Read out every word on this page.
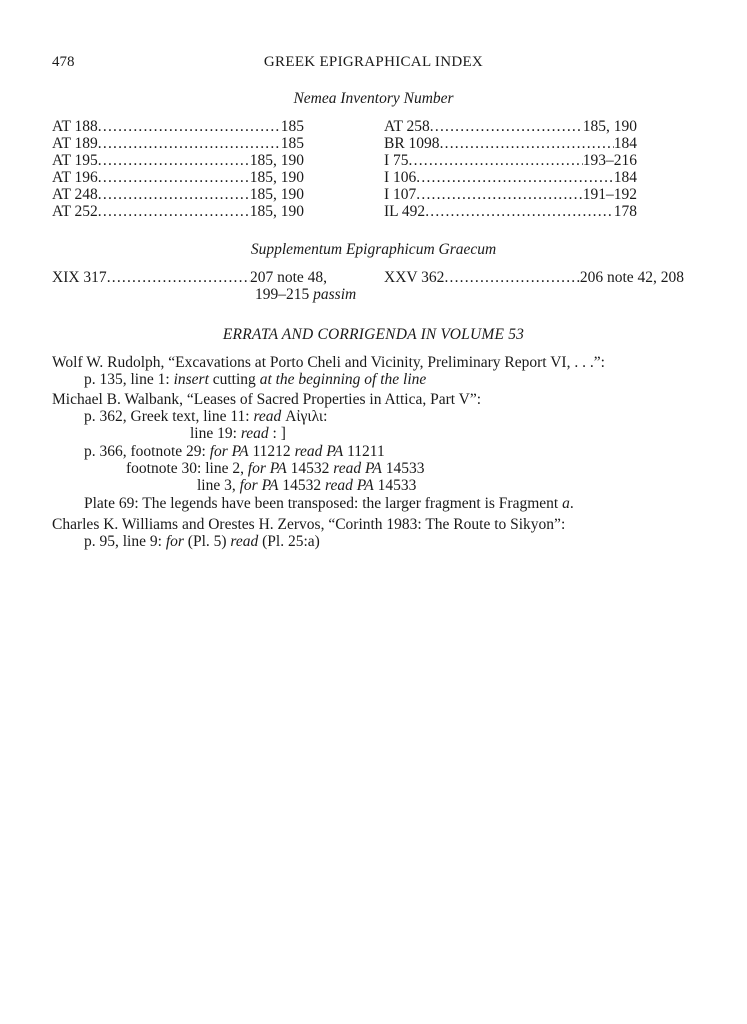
478	GREEK EPIGRAPHICAL INDEX
Nemea Inventory Number
AT 188 .....	185
AT 189 .....	185
AT 195 .....	185, 190
AT 196 .....	185, 190
AT 248 .....	185, 190
AT 252 .....	185, 190
AT 258 .....	185, 190
BR 1098 .....	184
I 75 .....	193–216
I 106 .....	184
I 107 .....	191–192
IL 492 .....	178
Supplementum Epigraphicum Graecum
XIX 317 .....	207 note 48,
199–215 passim
XXV 362 .....	206 note 42, 208
ERRATA AND CORRIGENDA IN VOLUME 53
Wolf W. Rudolph, “Excavations at Porto Cheli and Vicinity, Preliminary Report VI, . . .”:
p. 135, line 1: insert cutting at the beginning of the line
Michael B. Walbank, “Leases of Sacred Properties in Attica, Part V”:
p. 362, Greek text, line 11: read Αἰγιλι:
line 19: read : ]
p. 366, footnote 29: for PA 11212 read PA 11211
footnote 30: line 2, for PA 14532 read PA 14533
line 3, for PA 14532 read PA 14533
Plate 69: The legends have been transposed: the larger fragment is Fragment a.
Charles K. Williams and Orestes H. Zervos, “Corinth 1983: The Route to Sikyon”:
p. 95, line 9: for (Pl. 5) read (Pl. 25:a)
